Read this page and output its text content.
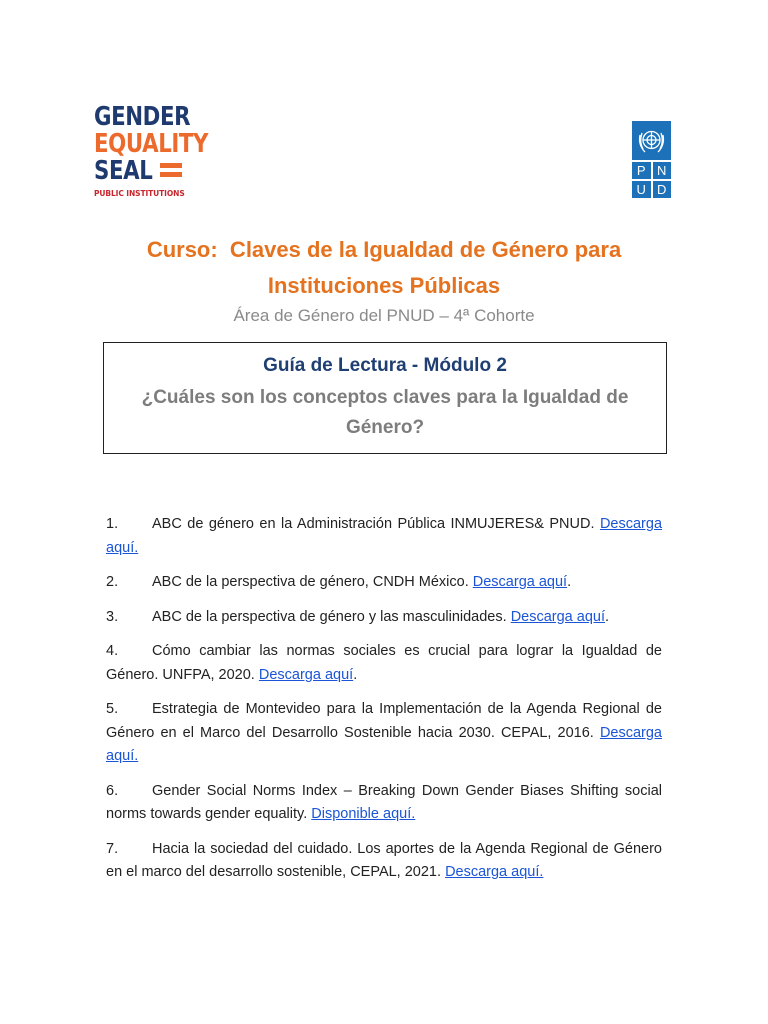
GENDER
EQUALITY
SEAL
PUBLIC INSTITUTIONS
P N
U D
Curso:  Claves de la Igualdad de Género para
Instituciones Públicas

Área de Género del PNUD – 4ª Cohorte

Guía de Lectura - Módulo 2
¿Cuáles son los conceptos claves para la Igualdad de Género?
1. ABC de género en la Administración Pública INMUJERES& PNUD. Descarga aquí.
2. ABC de la perspectiva de género, CNDH México. Descarga aquí.
3. ABC de la perspectiva de género y las masculinidades. Descarga aquí.
4. Cómo cambiar las normas sociales es crucial para lograr la Igualdad de Género. UNFPA, 2020. Descarga aquí.
5. Estrategia de Montevideo para la Implementación de la Agenda Regional de Género en el Marco del Desarrollo Sostenible hacia 2030. CEPAL, 2016. Descarga aquí.
6. Gender Social Norms Index – Breaking Down Gender Biases Shifting social norms towards gender equality. Disponible aquí.
7. Hacia la sociedad del cuidado. Los aportes de la Agenda Regional de Género en el marco del desarrollo sostenible, CEPAL, 2021. Descarga aquí.
